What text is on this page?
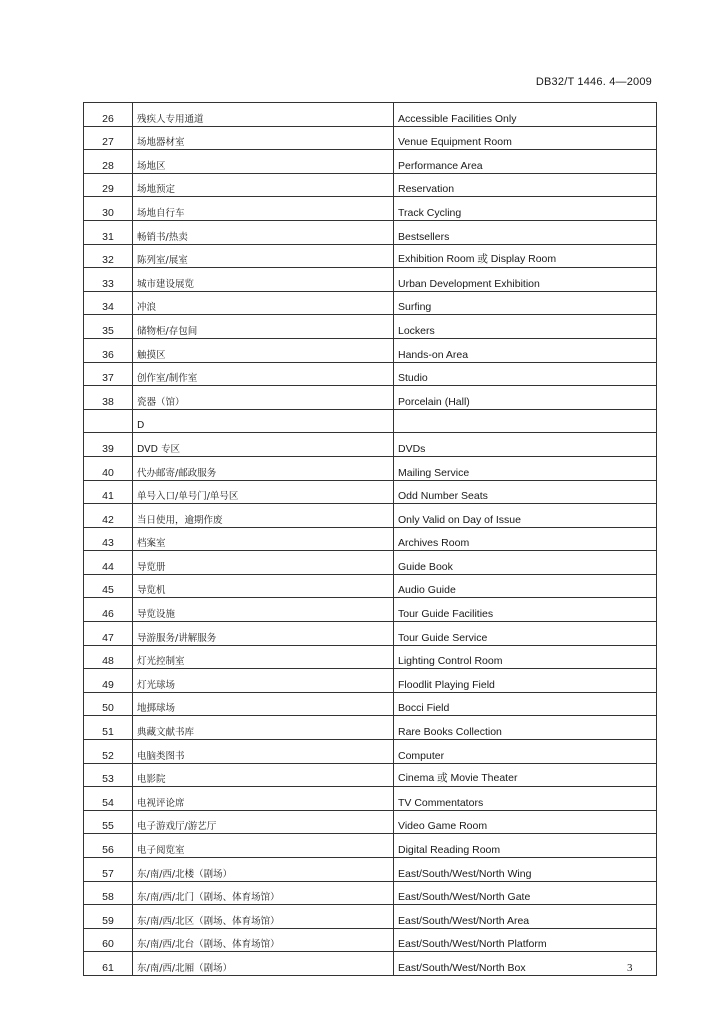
DB32/T 1446. 4—2009
26	残疾人专用通道	Accessible Facilities Only
27	场地器材室	Venue Equipment Room
28	场地区	Performance Area
29	场地预定	Reservation
30	场地自行车	Track Cycling
31	畅销书/热卖	Bestsellers
32	陈列室/展室	Exhibition Room 或 Display Room
33	城市建设展览	Urban Development Exhibition
34	冲浪	Surfing
35	储物柜/存包间	Lockers
36	触摸区	Hands-on Area
37	创作室/制作室	Studio
38	瓷器（馆）	Porcelain (Hall)
	D	
39	DVD 专区	DVDs
40	代办邮寄/邮政服务	Mailing Service
41	单号入口/单号门/单号区	Odd Number Seats
42	当日使用，逾期作废	Only Valid on Day of Issue
43	档案室	Archives Room
44	导览册	Guide Book
45	导览机	Audio Guide
46	导览设施	Tour Guide Facilities
47	导游服务/讲解服务	Tour Guide Service
48	灯光控制室	Lighting Control Room
49	灯光球场	Floodlit Playing Field
50	地掷球场	Bocci Field
51	典藏文献书库	Rare Books Collection
52	电脑类图书	Computer
53	电影院	Cinema 或 Movie Theater
54	电视评论席	TV Commentators
55	电子游戏厅/游艺厅	Video Game Room
56	电子阅览室	Digital Reading Room
57	东/南/西/北楼（剧场）	East/South/West/North Wing
58	东/南/西/北门（剧场、体育场馆）	East/South/West/North Gate
59	东/南/西/北区（剧场、体育场馆）	East/South/West/North Area
60	东/南/西/北台（剧场、体育场馆）	East/South/West/North Platform
61	东/南/西/北厢（剧场）	East/South/West/North Box	3
